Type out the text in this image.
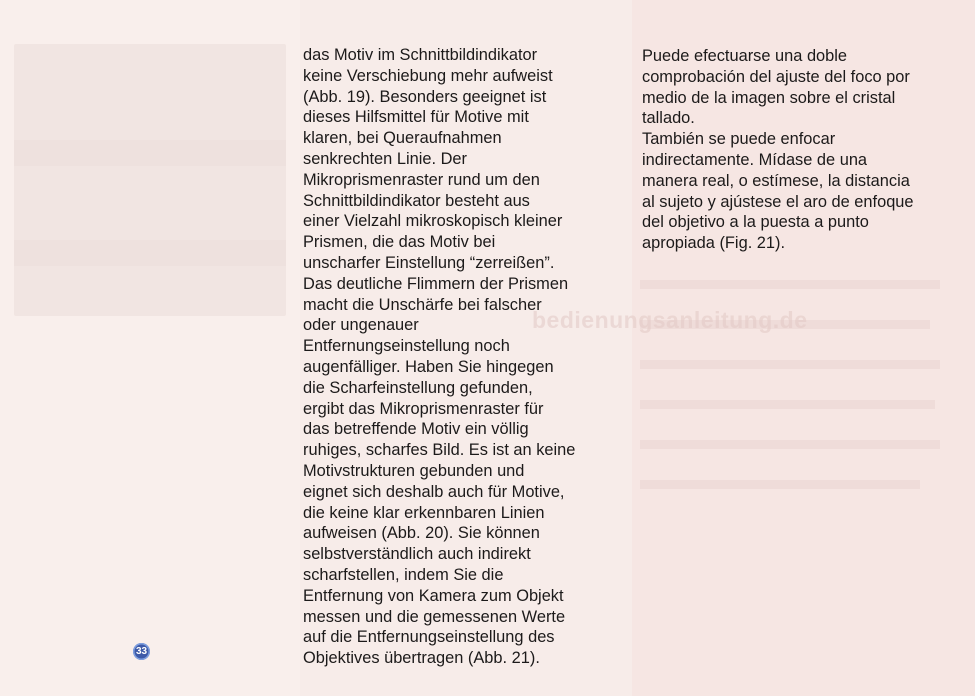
das Motiv im Schnittbildindikator
keine Verschiebung mehr aufweist
(Abb. 19). Besonders geeignet ist
dieses Hilfsmittel für Motive mit
klaren, bei Queraufnahmen
senkrechten Linie. Der
Mikroprismenraster rund um den
Schnittbildindikator besteht aus
einer Vielzahl mikroskopisch kleiner
Prismen, die das Motiv bei
unscharfer Einstellung “zerreißen”.
Das deutliche Flimmern der Prismen
macht die Unschärfe bei falscher
oder ungenauer
Entfernungseinstellung noch
augenfälliger. Haben Sie hingegen
die Scharfeinstellung gefunden,
ergibt das Mikroprismenraster für
das betreffende Motiv ein völlig
ruhiges, scharfes Bild. Es ist an keine
Motivstrukturen gebunden und
eignet sich deshalb auch für Motive,
die keine klar erkennbaren Linien
aufweisen (Abb. 20). Sie können
selbstverständlich auch indirekt
scharfstellen, indem Sie die
Entfernung von Kamera zum Objekt
messen und die gemessenen Werte
auf die Entfernungseinstellung des
Objektives übertragen (Abb. 21).
Puede efectuarse una doble
comprobación del ajuste del foco por
medio de la imagen sobre el cristal
tallado.
También se puede enfocar
indirectamente. Mídase de una
manera real, o estímese, la distancia
al sujeto y ajústese el aro de enfoque
del objetivo a la puesta a punto
apropiada (Fig. 21).
bedienungsanleitung.de
33
